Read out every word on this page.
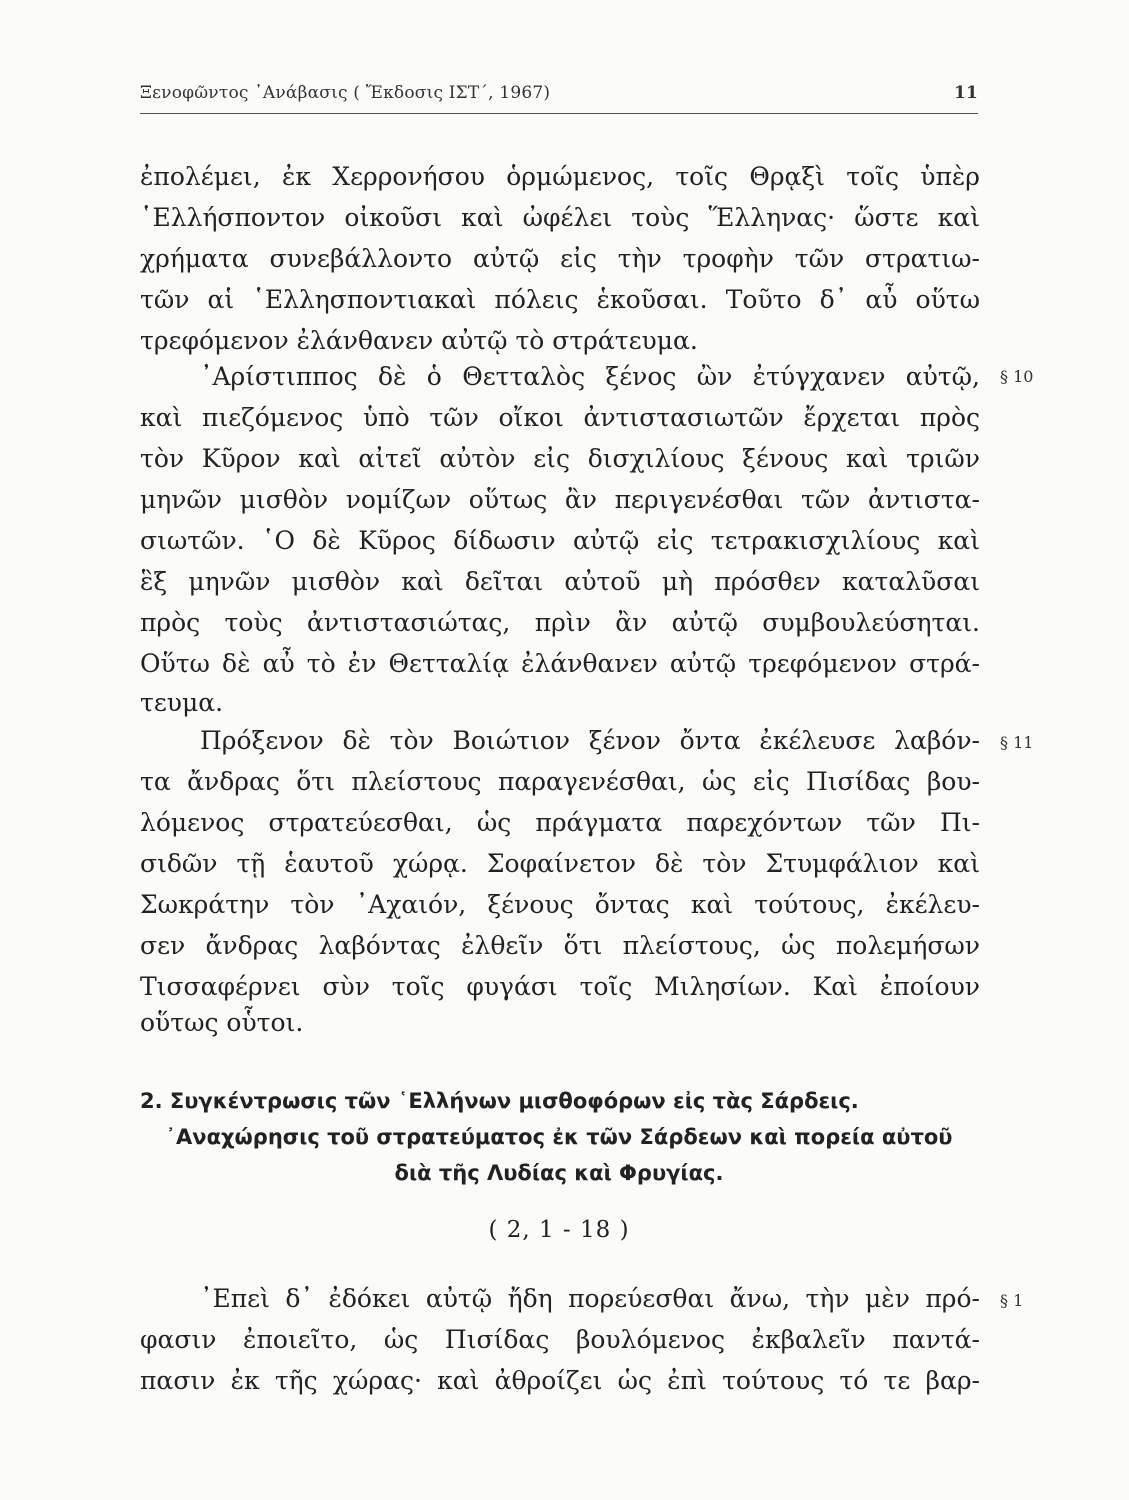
Ξενοφῶντος ᾿Ανάβασις ( Ἔκδοσις ΙΣΤ΄, 1967)	11
ἐπολέμει, ἐκ Χερρονήσου ὁρμώμενος, τοῖς Θρᾳξὶ τοῖς ὑπὲρ
῾Ελλήσποντον οἰκοῦσι καὶ ὠφέλει τοὺς Ἕλληνας· ὥστε καὶ
χρήματα συνεβάλλοντο αὐτῷ εἰς τὴν τροφὴν τῶν στρατιω-
τῶν αἱ ῾Ελλησποντιακαὶ πόλεις ἑκοῦσαι. Τοῦτο δ᾿ αὖ οὕτω
τρεφόμενον ἐλάνθανεν αὐτῷ τὸ στράτευμα.
᾿Αρίστιππος δὲ ὁ Θετταλὸς ξένος ὢν ἐτύγχανεν αὐτῷ, § 10
καὶ πιεζόμενος ὑπὸ τῶν οἴκοι ἀντιστασιωτῶν ἔρχεται πρὸς
τὸν Κῦρον καὶ αἰτεῖ αὐτὸν εἰς δισχιλίους ξένους καὶ τριῶν
μηνῶν μισθὸν νομίζων οὕτως ἂν περιγενέσθαι τῶν ἀντιστα-
σιωτῶν. ῾Ο δὲ Κῦρος δίδωσιν αὐτῷ εἰς τετρακισχιλίους καὶ
ἓξ μηνῶν μισθὸν καὶ δεῖται αὐτοῦ μὴ πρόσθεν καταλῦσαι
πρὸς τοὺς ἀντιστασιώτας, πρὶν ἂν αὐτῷ συμβουλεύσηται.
Οὕτω δὲ αὖ τὸ ἐν Θετταλίᾳ ἐλάνθανεν αὐτῷ τρεφόμενον στρά-
τευμα.
Πρόξενον δὲ τὸν Βοιώτιον ξένον ὄντα ἐκέλευσε λαβόν- § 11
τα ἄνδρας ὅτι πλείστους παραγενέσθαι, ὡς εἰς Πισίδας βου-
λόμενος στρατεύεσθαι, ὡς πράγματα παρεχόντων τῶν Πι-
σιδῶν τῇ ἑαυτοῦ χώρᾳ. Σοφαίνετον δὲ τὸν Στυμφάλιον καὶ
Σωκράτην τὸν ᾿Αχαιόν, ξένους ὄντας καὶ τούτους, ἐκέλευ-
σεν ἄνδρας λαβόντας ἐλθεῖν ὅτι πλείστους, ὡς πολεμήσων
Τισσαφέρνει σὺν τοῖς φυγάσι τοῖς Μιλησίων. Καὶ ἐποίουν
οὕτως οὗτοι.
2. Συγκέντρωσις τῶν ῾Ελλήνων μισθοφόρων εἰς τὰς Σάρδεις.
᾿Αναχώρησις τοῦ στρατεύματος ἐκ τῶν Σάρδεων καὶ πορεία αὐτοῦ
διὰ τῆς Λυδίας καὶ Φρυγίας.
( 2, 1 - 18 )
᾿Επεὶ δ᾿ ἐδόκει αὐτῷ ἤδη πορεύεσθαι ἄνω, τὴν μὲν πρό- § 1
φασιν ἐποιεῖτο, ὡς Πισίδας βουλόμενος ἐκβαλεῖν παντά-
πασιν ἐκ τῆς χώρας· καὶ ἀθροίζει ὡς ἐπὶ τούτους τό τε βαρ-
